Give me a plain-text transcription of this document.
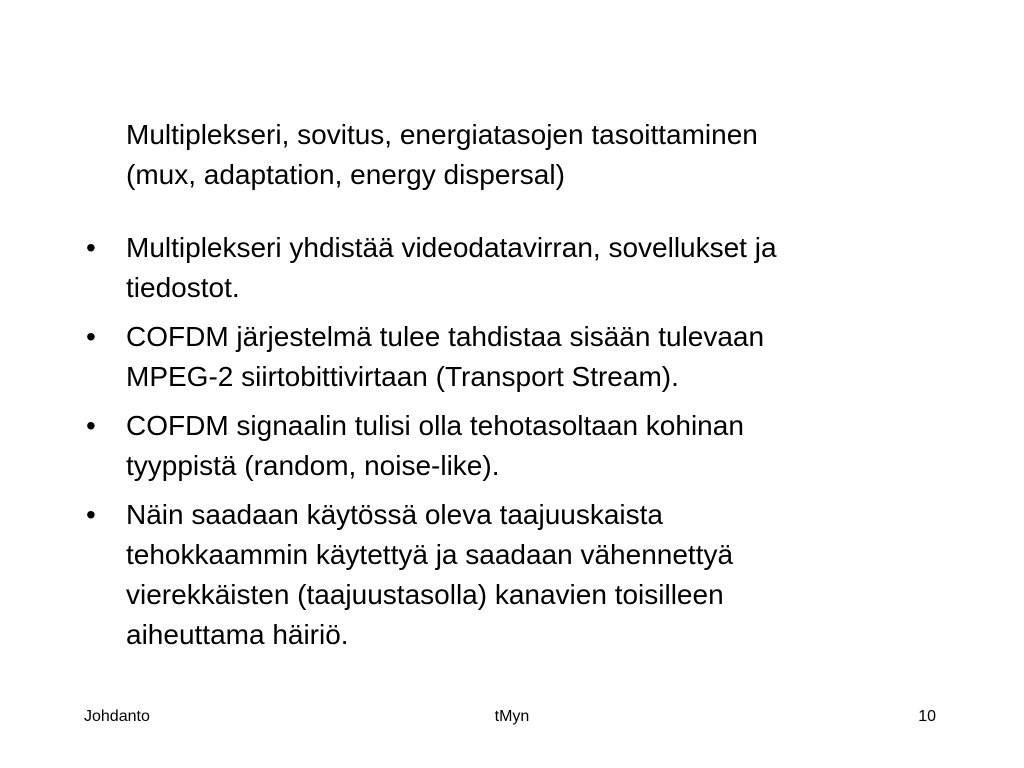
Multiplekseri, sovitus, energiatasojen tasoittaminen
(mux, adaptation, energy dispersal)

• Multiplekseri yhdistää videodatavirran, sovellukset ja
tiedostot.

• COFDM järjestelmä tulee tahdistaa sisään tulevaan
MPEG-2 siirtobittivirtaan (Transport Stream).

• COFDM signaalin tulisi olla tehotasoltaan kohinan
tyyppistä (random, noise-like).

• Näin saadaan käytössä oleva taajuuskaista
tehokkaammin käytettyä ja saadaan vähennettyä
vierekkäisten (taajuustasolla) kanavien toisilleen
aiheuttama häiriö.

Johdanto	tMyn	10
